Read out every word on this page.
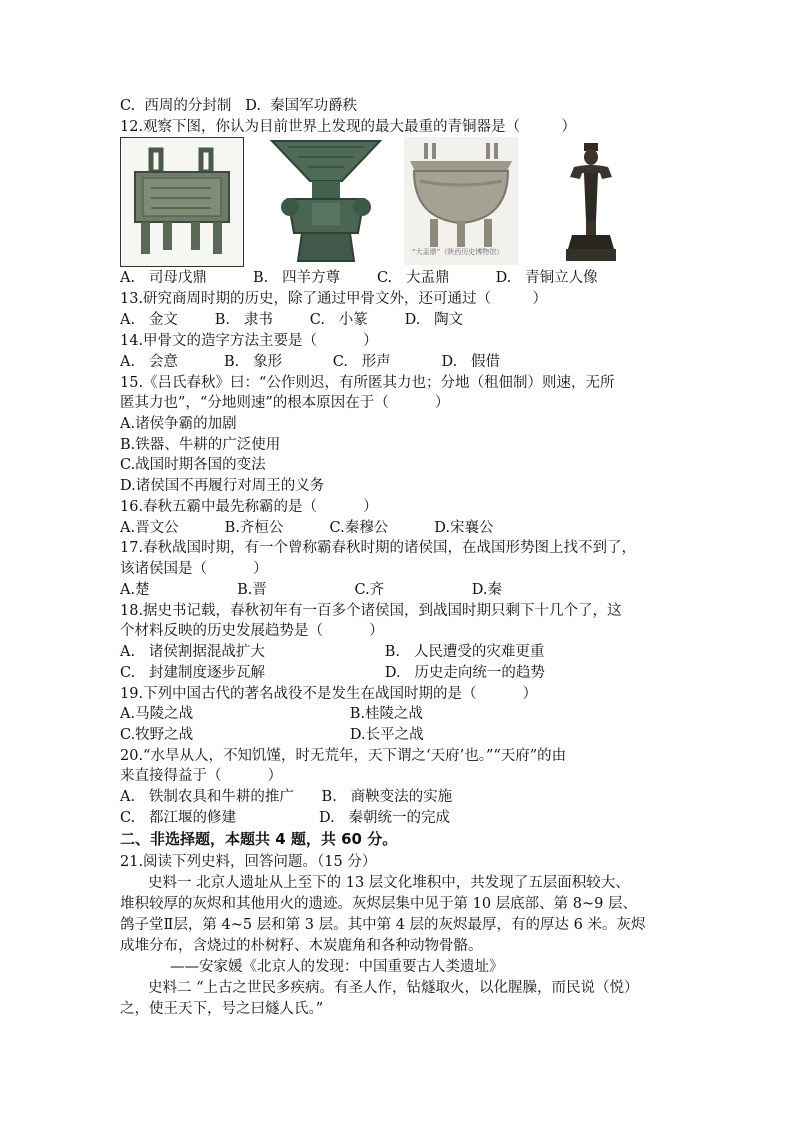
C.  西周的分封制   D.  秦国军功爵秩
12.观察下图，你认为目前世界上发现的最大最重的青铜器是（         ）
“大盂鼎”（陕西历史博物馆）
A.   司母戊鼎          B.   四羊方尊        C.   大盂鼎          D.   青铜立人像
13.研究商周时期的历史，除了通过甲骨文外，还可通过（         ）
A.   金文        B.   隶书        C.   小篆        D.   陶文
14.甲骨文的造字方法主要是（          ）
A.   会意          B.   象形           C.   形声           D.   假借
15.《吕氏春秋》曰：“公作则迟，有所匿其力也；分地（租佃制）则速，无所
匿其力也”，“分地则速”的根本原因在于（          ）
A.诸侯争霸的加剧
B.铁器、牛耕的广泛使用
C.战国时期各国的变法
D.诸侯国不再履行对周王的义务
16.春秋五霸中最先称霸的是（          ）
A.晋文公          B.齐桓公          C.秦穆公          D.宋襄公
17.春秋战国时期，有一个曾称霸春秋时期的诸侯国，在战国形势图上找不到了，
该诸侯国是（          ）
A.楚                   B.晋                   C.齐                   D.秦
18.据史书记载，春秋初年有一百多个诸侯国，到战国时期只剩下十几个了，这
个材料反映的历史发展趋势是（          ）
A.   诸侯割据混战扩大                          B.   人民遭受的灾难更重
C.   封建制度逐步瓦解                          D.   历史走向统一的趋势
19.下列中国古代的著名战役不是发生在战国时期的是（          ）
A.马陵之战                                  B.桂陵之战
C.牧野之战                                  D.长平之战
20.“水旱从人，不知饥馑，时无荒年，天下谓之‘天府’也。”“天府”的由
来直接得益于（          ）
A.   铁制农具和牛耕的推广      B.   商鞅变法的实施
C.   都江堰的修建                  D.   秦朝统一的完成
二、非选择题，本题共 4 题，共 60 分。
21.阅读下列史料，回答问题。（15 分）
史料一 北京人遗址从上至下的 13 层文化堆积中，共发现了五层面积较大、
堆积较厚的灰烬和其他用火的遗迹。灰烬层集中见于第 10 层底部、第 8~9 层、
鸽子堂Ⅱ层，第 4~5 层和第 3 层。其中第 4 层的灰烬最厚，有的厚达 6 米。灰烬
成堆分布，含烧过的朴树籽、木炭鹿角和各种动物骨骼。
——安家媛《北京人的发现：中国重要古人类遗址》
史料二 “上古之世民多疾病。有圣人作，钻燧取火，以化腥臊，而民说（悦）
之，使王天下，号之曰燧人氏。”
